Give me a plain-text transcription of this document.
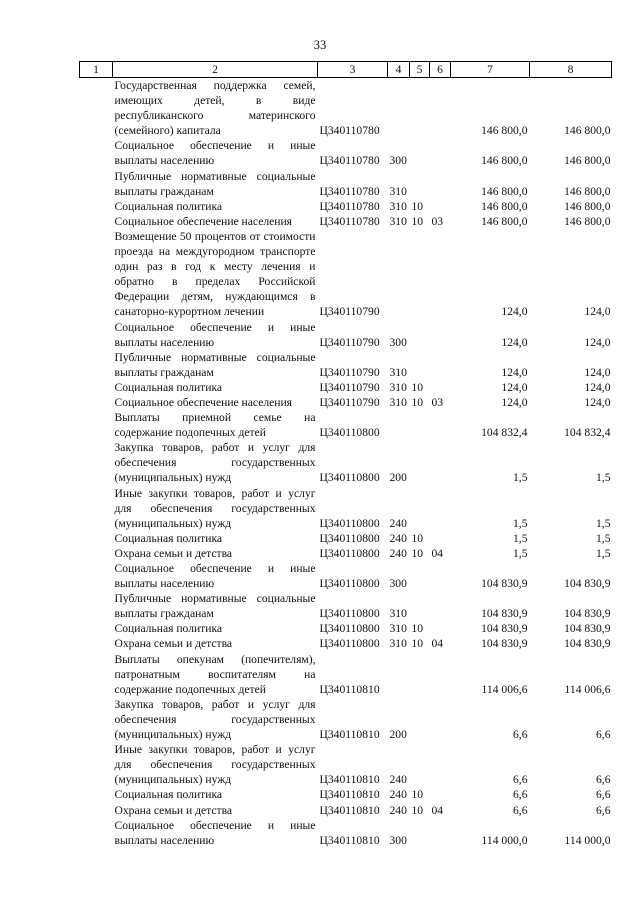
33
1	2	3	4	5	6	7	8
	Государственная поддержка семей, имеющих детей, в виде республиканского материнского (семейного) капитала	Ц340110780				146 800,0	146 800,0
	Социальное обеспечение и иные выплаты населению	Ц340110780	300			146 800,0	146 800,0
	Публичные нормативные социальные выплаты гражданам	Ц340110780	310			146 800,0	146 800,0
	Социальная политика	Ц340110780	310	10		146 800,0	146 800,0
	Социальное обеспечение населения	Ц340110780	310	10	03	146 800,0	146 800,0
	Возмещение 50 процентов от стоимости проезда на междугородном транспорте один раз в год к месту лечения и обратно в пределах Российской Федерации детям, нуждающимся в санаторно-курортном лечении	Ц340110790				124,0	124,0
	Социальное обеспечение и иные выплаты населению	Ц340110790	300			124,0	124,0
	Публичные нормативные социальные выплаты гражданам	Ц340110790	310			124,0	124,0
	Социальная политика	Ц340110790	310	10		124,0	124,0
	Социальное обеспечение населения	Ц340110790	310	10	03	124,0	124,0
	Выплаты приемной семье на содержание подопечных детей	Ц340110800				104 832,4	104 832,4
	Закупка товаров, работ и услуг для обеспечения государственных (муниципальных) нужд	Ц340110800	200			1,5	1,5
	Иные закупки товаров, работ и услуг для обеспечения государственных (муниципальных) нужд	Ц340110800	240			1,5	1,5
	Социальная политика	Ц340110800	240	10		1,5	1,5
	Охрана семьи и детства	Ц340110800	240	10	04	1,5	1,5
	Социальное обеспечение и иные выплаты населению	Ц340110800	300			104 830,9	104 830,9
	Публичные нормативные социальные выплаты гражданам	Ц340110800	310			104 830,9	104 830,9
	Социальная политика	Ц340110800	310	10		104 830,9	104 830,9
	Охрана семьи и детства	Ц340110800	310	10	04	104 830,9	104 830,9
	Выплаты опекунам (попечителям), патронатным воспитателям на содержание подопечных детей	Ц340110810				114 006,6	114 006,6
	Закупка товаров, работ и услуг для обеспечения государственных (муниципальных) нужд	Ц340110810	200			6,6	6,6
	Иные закупки товаров, работ и услуг для обеспечения государственных (муниципальных) нужд	Ц340110810	240			6,6	6,6
	Социальная политика	Ц340110810	240	10		6,6	6,6
	Охрана семьи и детства	Ц340110810	240	10	04	6,6	6,6
	Социальное обеспечение и иные выплаты населению	Ц340110810	300			114 000,0	114 000,0
